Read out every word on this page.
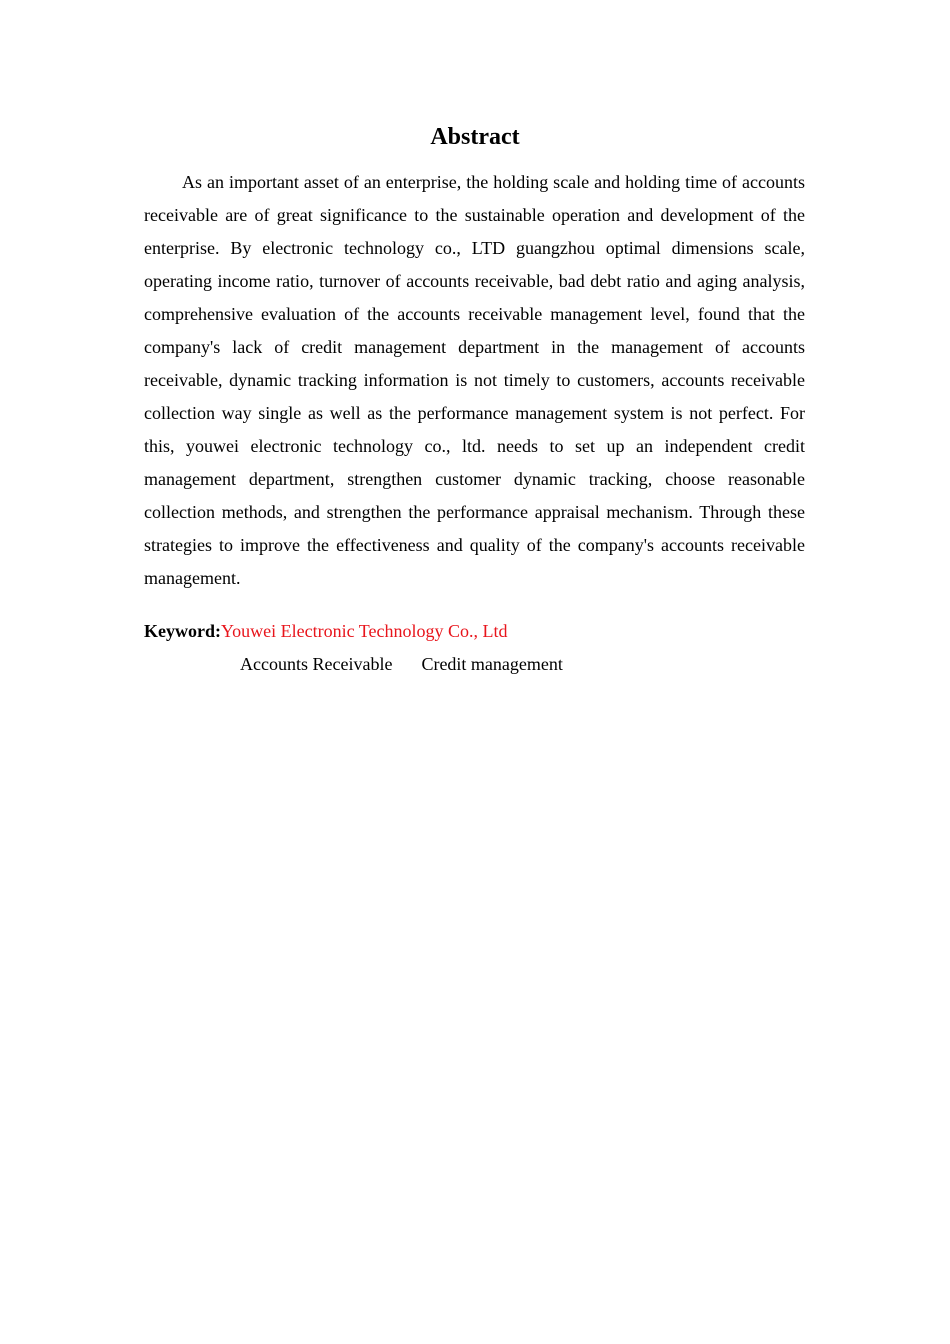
Abstract

As an important asset of an enterprise, the holding scale and holding time of accounts receivable are of great significance to the sustainable operation and development of the enterprise. By electronic technology co., LTD guangzhou optimal dimensions scale, operating income ratio, turnover of accounts receivable, bad debt ratio and aging analysis, comprehensive evaluation of the accounts receivable management level, found that the company's lack of credit management department in the management of accounts receivable, dynamic tracking information is not timely to customers, accounts receivable collection way single as well as the performance management system is not perfect. For this, youwei electronic technology co., ltd. needs to set up an independent credit management department, strengthen customer dynamic tracking, choose reasonable collection methods, and strengthen the performance appraisal mechanism. Through these strategies to improve the effectiveness and quality of the company's accounts receivable management.

Keyword:Youwei Electronic Technology Co., Ltd
Accounts Receivable Credit management
